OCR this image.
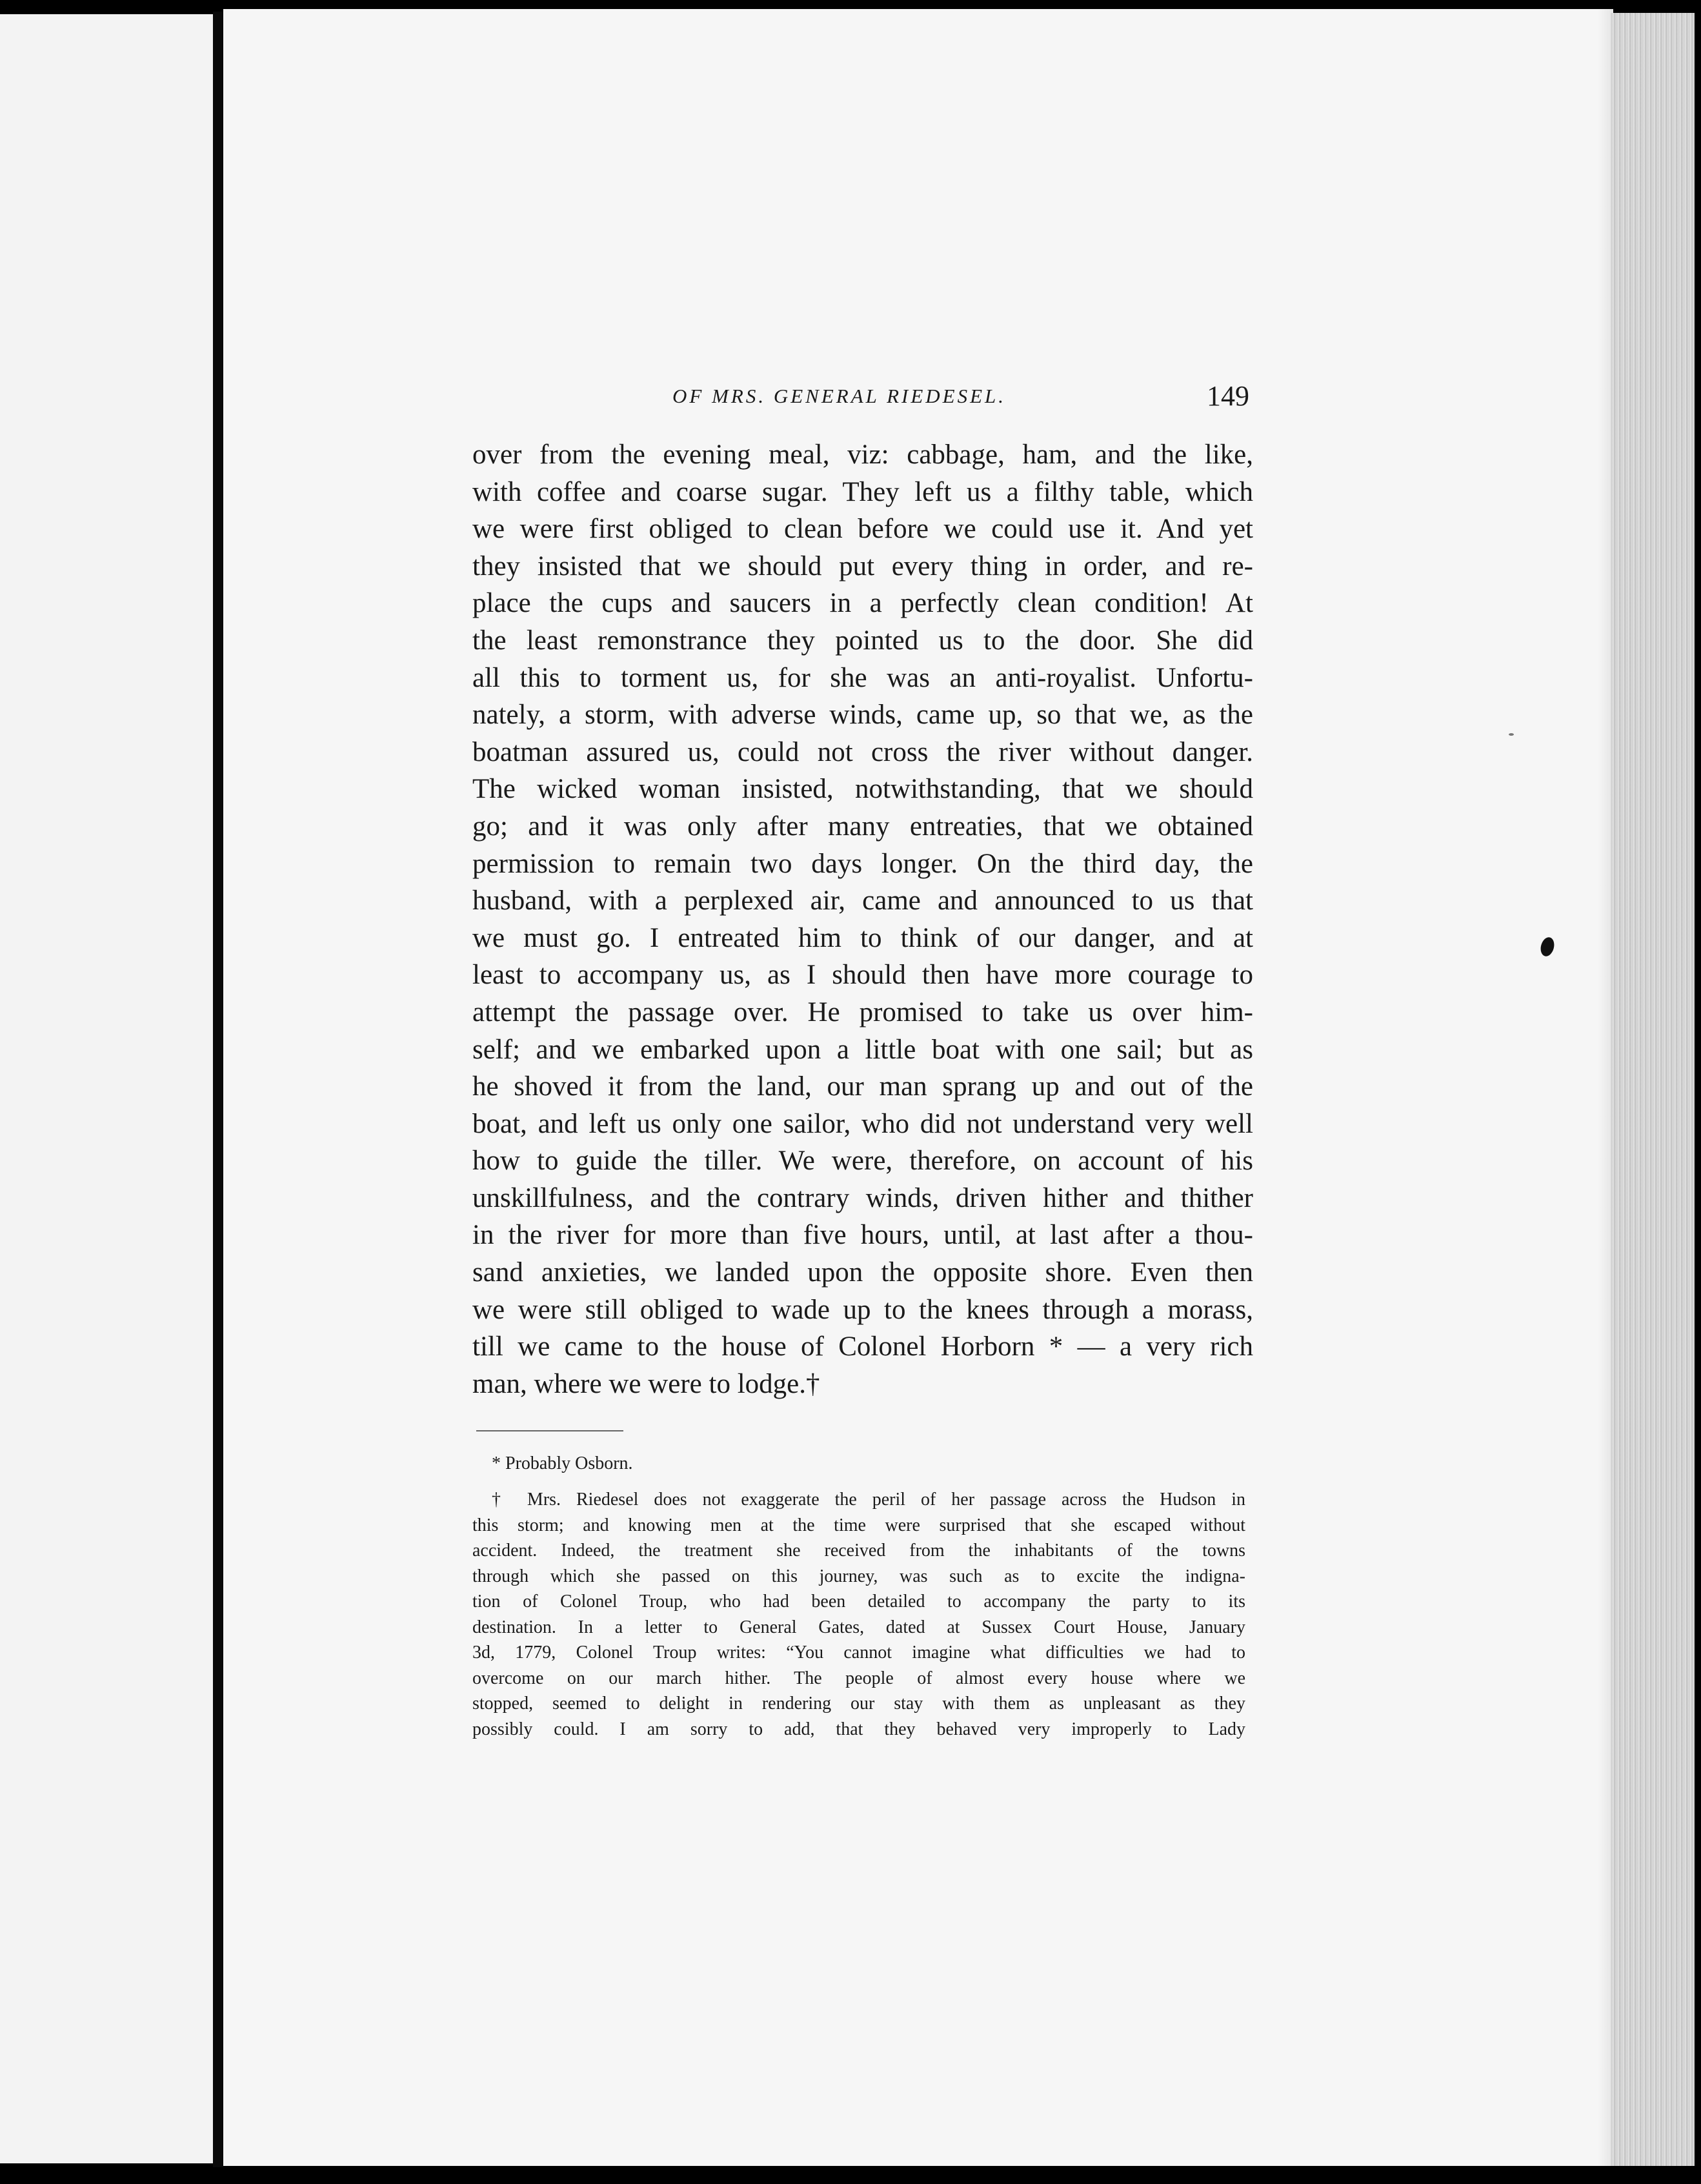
OF MRS. GENERAL RIEDESEL.	149
over from the evening meal, viz: cabbage, ham, and the like,
with coffee and coarse sugar. They left us a filthy table, which
we were first obliged to clean before we could use it. And yet
they insisted that we should put every thing in order, and re-
place the cups and saucers in a perfectly clean condition! At
the least remonstrance they pointed us to the door. She did
all this to torment us, for she was an anti-royalist. Unfortu-
nately, a storm, with adverse winds, came up, so that we, as the
boatman assured us, could not cross the river without danger.
The wicked woman insisted, notwithstanding, that we should
go; and it was only after many entreaties, that we obtained
permission to remain two days longer. On the third day, the
husband, with a perplexed air, came and announced to us that
we must go. I entreated him to think of our danger, and at
least to accompany us, as I should then have more courage to
attempt the passage over. He promised to take us over him-
self; and we embarked upon a little boat with one sail; but as
he shoved it from the land, our man sprang up and out of the
boat, and left us only one sailor, who did not understand very well
how to guide the tiller. We were, therefore, on account of his
unskillfulness, and the contrary winds, driven hither and thither
in the river for more than five hours, until, at last after a thou-
sand anxieties, we landed upon the opposite shore. Even then
we were still obliged to wade up to the knees through a morass,
till we came to the house of Colonel Horborn * — a very rich
man, where we were to lodge.†
* Probably Osborn.
† Mrs. Riedesel does not exaggerate the peril of her passage across the Hudson in
this storm; and knowing men at the time were surprised that she escaped without
accident. Indeed, the treatment she received from the inhabitants of the towns
through which she passed on this journey, was such as to excite the indigna-
tion of Colonel Troup, who had been detailed to accompany the party to its
destination. In a letter to General Gates, dated at Sussex Court House, January
3d, 1779, Colonel Troup writes: “You cannot imagine what difficulties we had to
overcome on our march hither. The people of almost every house where we
stopped, seemed to delight in rendering our stay with them as unpleasant as they
possibly could. I am sorry to add, that they behaved very improperly to Lady
